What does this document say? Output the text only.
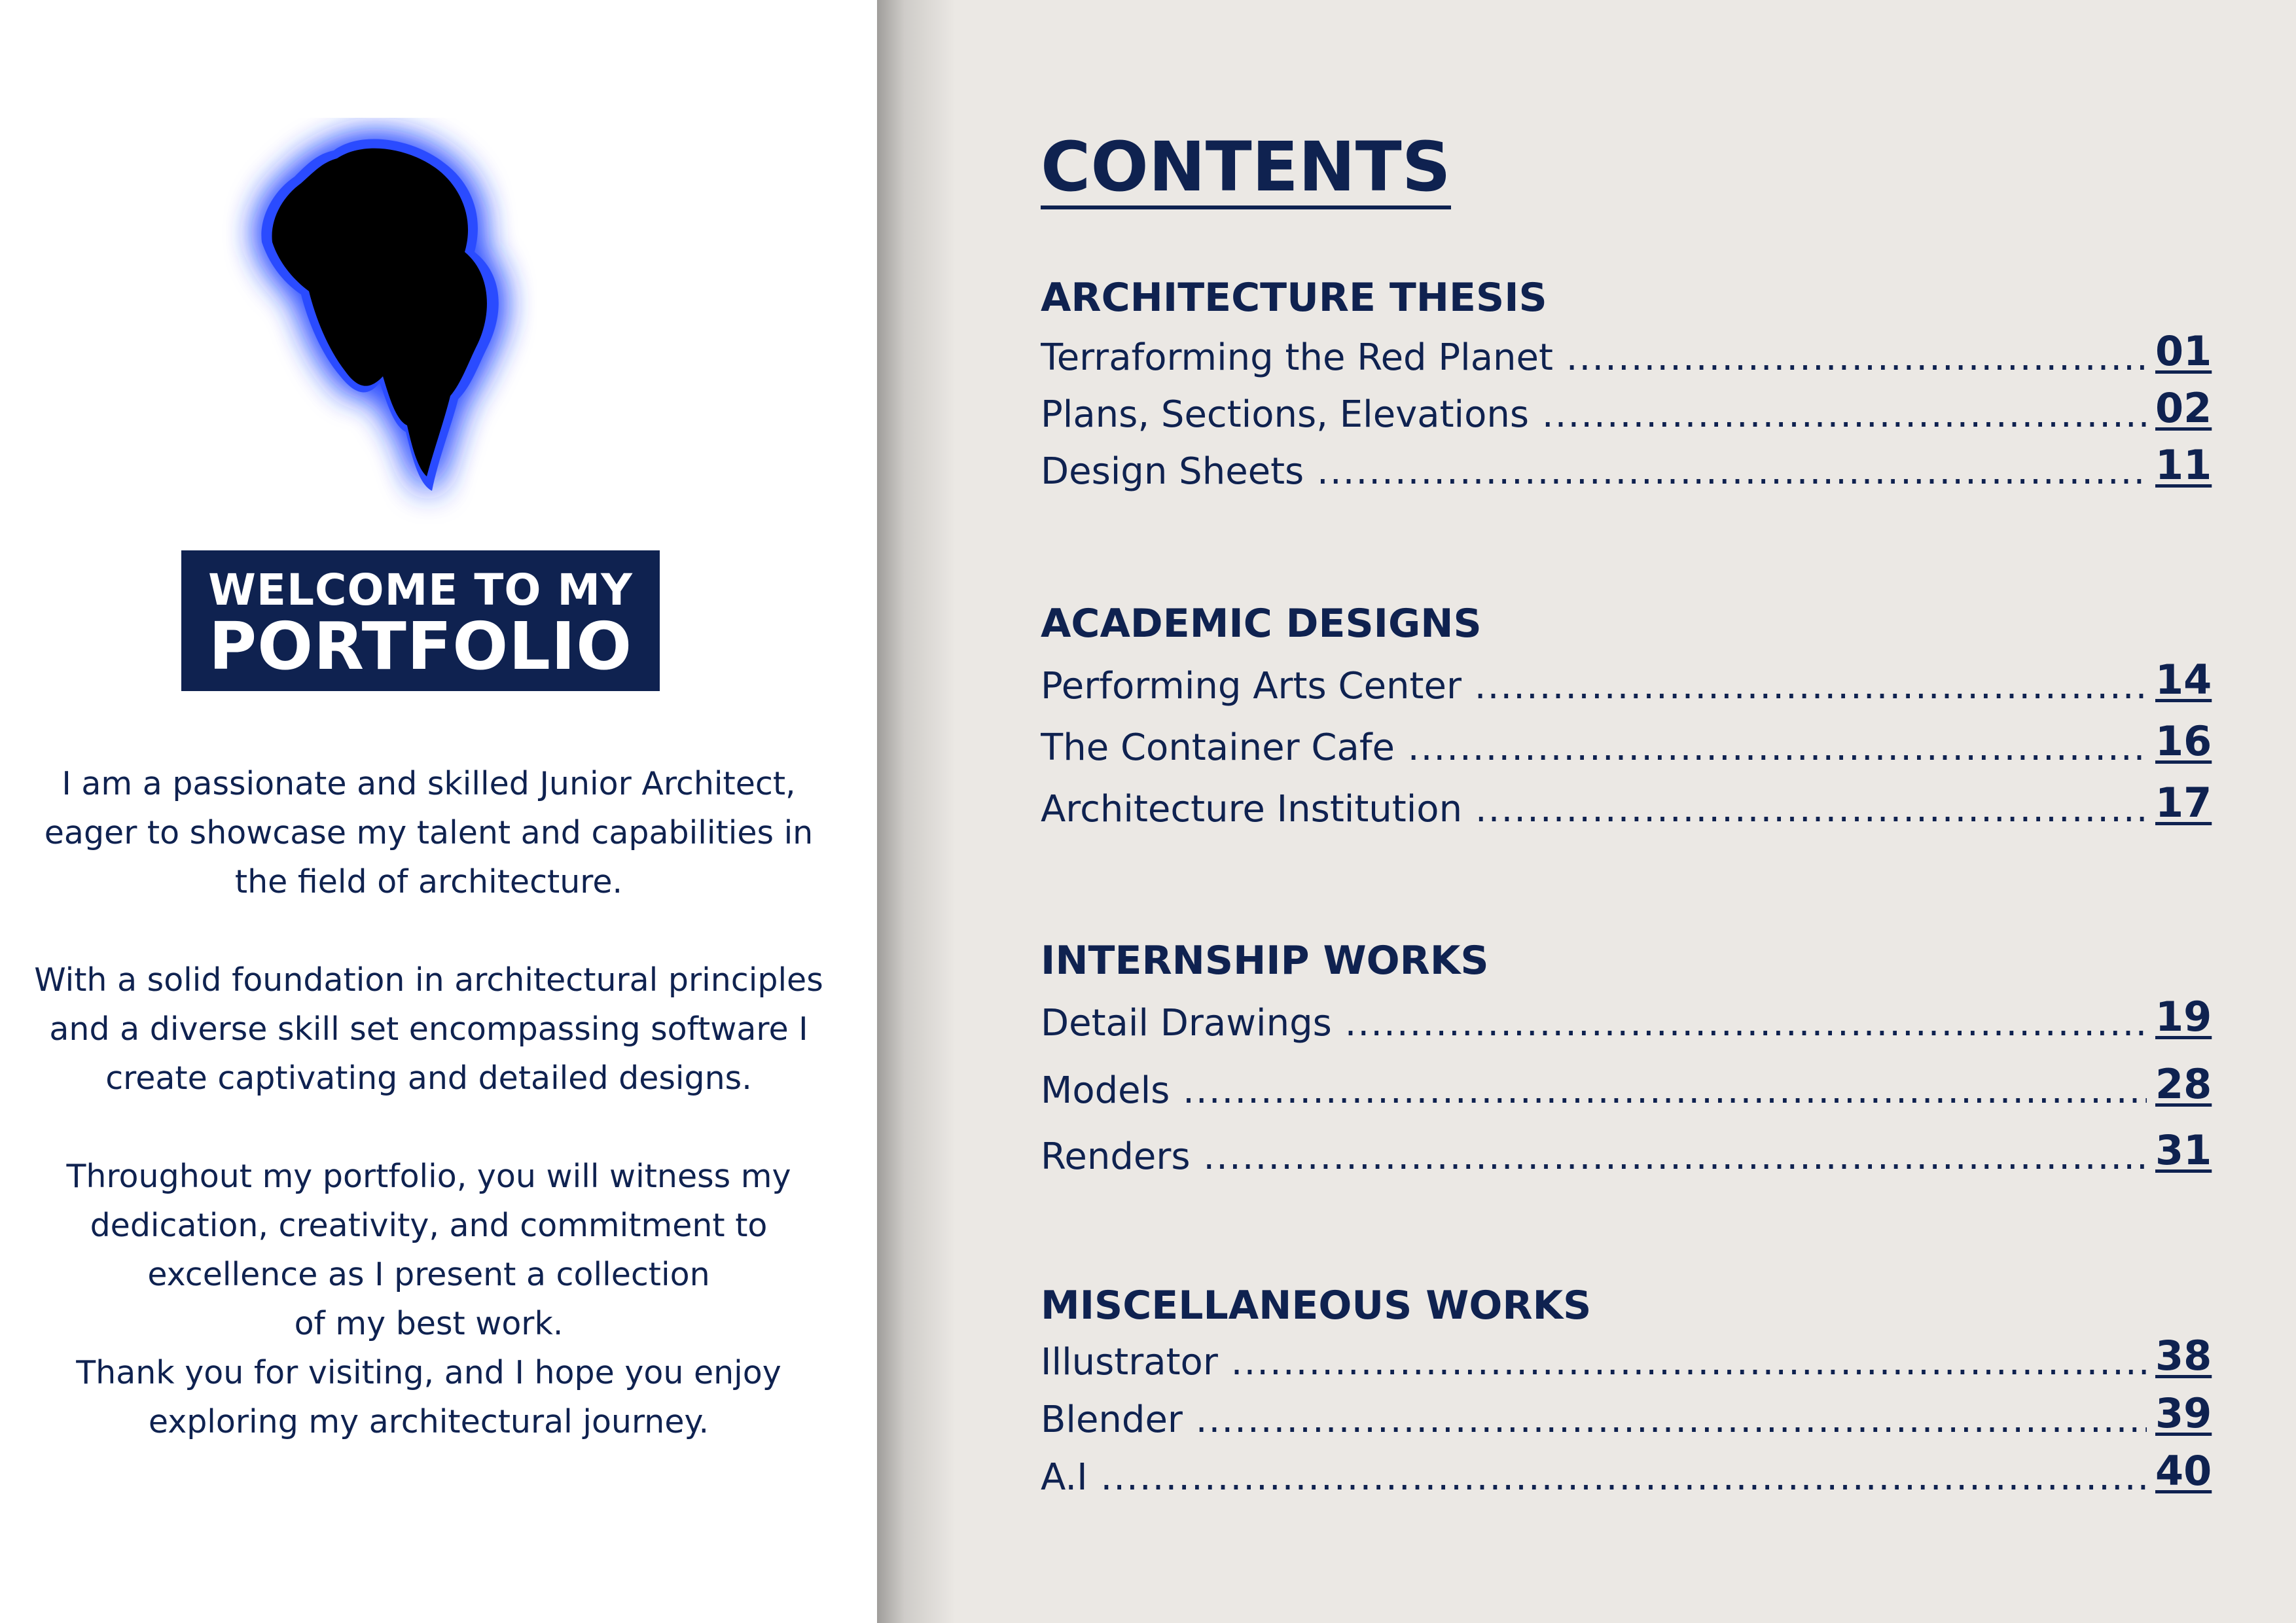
WELCOME TO MY
PORTFOLIO

I am a passionate and skilled Junior Architect,

eager to showcase my talent and capabilities in

the field of architecture.

With a solid foundation in architectural principles

and a diverse skill set encompassing software I

create captivating and detailed designs.

Throughout my portfolio, you will witness my

dedication, creativity, and commitment to

excellence as I present a collection

of my best work.

Thank you for visiting, and I hope you enjoy

exploring my architectural journey.

CONTENTS
ARCHITECTURE THESIS
Terraforming the Red Planet .....	01
Plans, Sections, Elevations .....	02
Design Sheets .....	11
ACADEMIC DESIGNS
Performing Arts Center .....	14
The Container Cafe .....	16
Architecture Institution .....	17
INTERNSHIP WORKS
Detail Drawings .....	19
Models .....	28
Renders .....	31
MISCELLANEOUS WORKS
Illustrator .....	38
Blender .....	39
A.I .....	40
